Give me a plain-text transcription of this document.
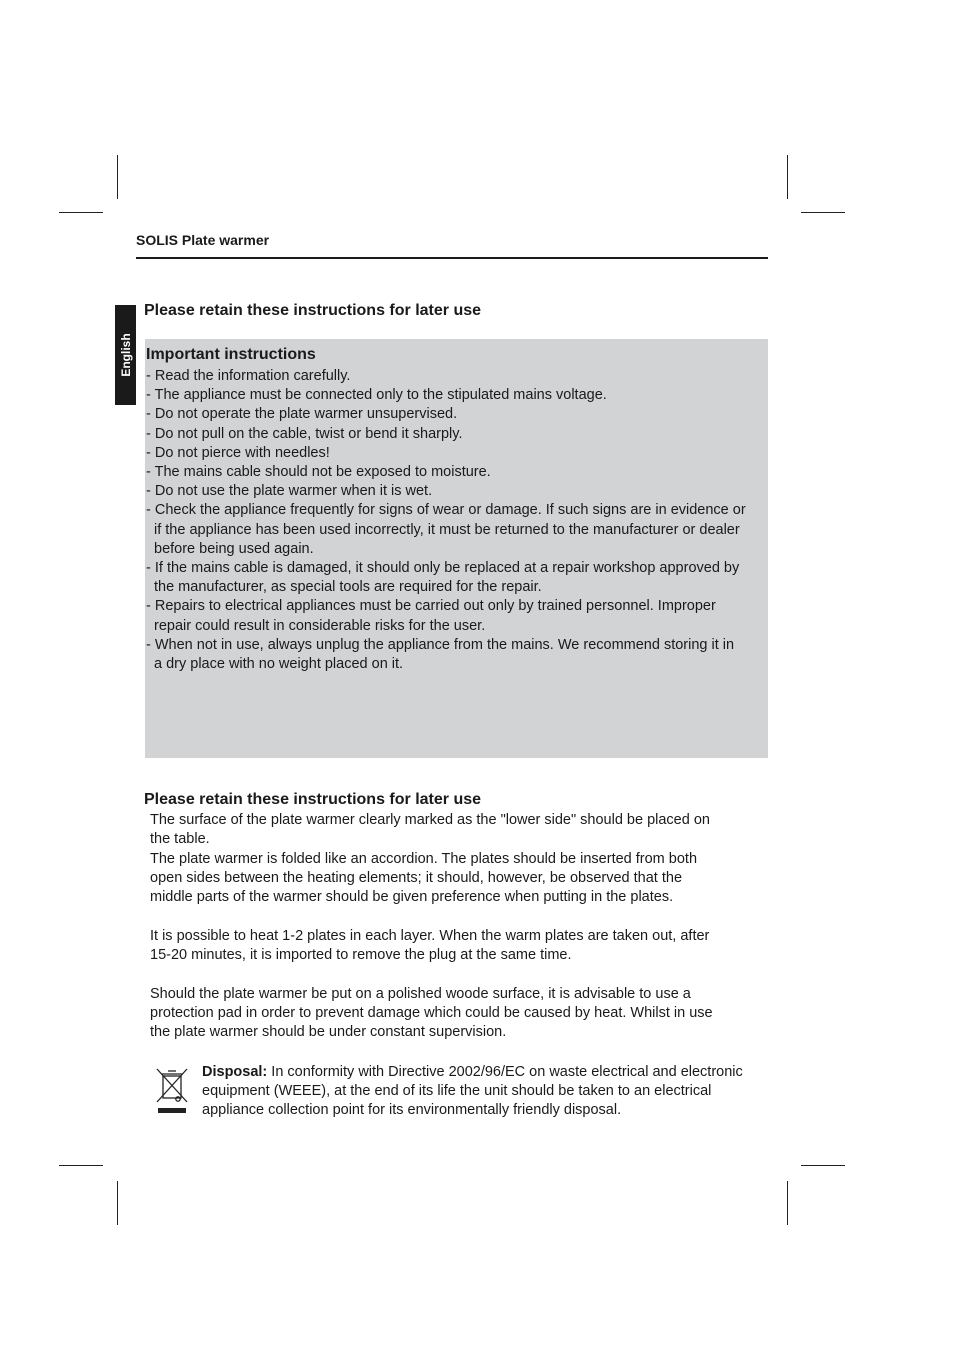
SOLIS Plate warmer
English
Please retain these instructions for later use
Important instructions
- Read the information carefully.
- The appliance must be connected only to the stipulated mains voltage.
- Do not operate the plate warmer unsupervised.
- Do not pull on the cable, twist or bend it sharply.
- Do not pierce with needles!
- The mains cable should not be exposed to moisture.
- Do not use the plate warmer when it is wet.
- Check the appliance frequently for signs of wear or damage. If such signs are in evidence or if the appliance has been used incorrectly, it must be returned to the manufacturer or dealer before being used again.
- If the mains cable is damaged, it should only be replaced at a repair workshop approved by the manufacturer, as special tools are required for the repair.
- Repairs to electrical appliances must be carried out only by trained personnel. Improper repair could result in considerable risks for the user.
- When not in use, always unplug the appliance from the mains. We recommend storing it in a dry place with no weight placed on it.
Please retain these instructions for later use

The surface of the plate warmer clearly marked as the "lower side" should be placed on the table.

The plate warmer is folded like an accordion. The plates should be inserted from both open sides between the heating elements; it should, however, be observed that the middle parts of the warmer should be given preference when putting in the plates.

It is possible to heat 1-2 plates in each layer. When the warm plates are taken out, after 15-20 minutes, it is imported to remove the plug at the same time.

Should the plate warmer be put on a polished woode surface, it is advisable to use a protection pad in order to prevent damage which could be caused by heat. Whilst in use the plate warmer should be under constant supervision.

Disposal: In conformity with Directive 2002/96/EC on waste electrical and electronic equipment (WEEE), at the end of its life the unit should be taken to an electrical appliance collection point for its environmentally friendly disposal.
